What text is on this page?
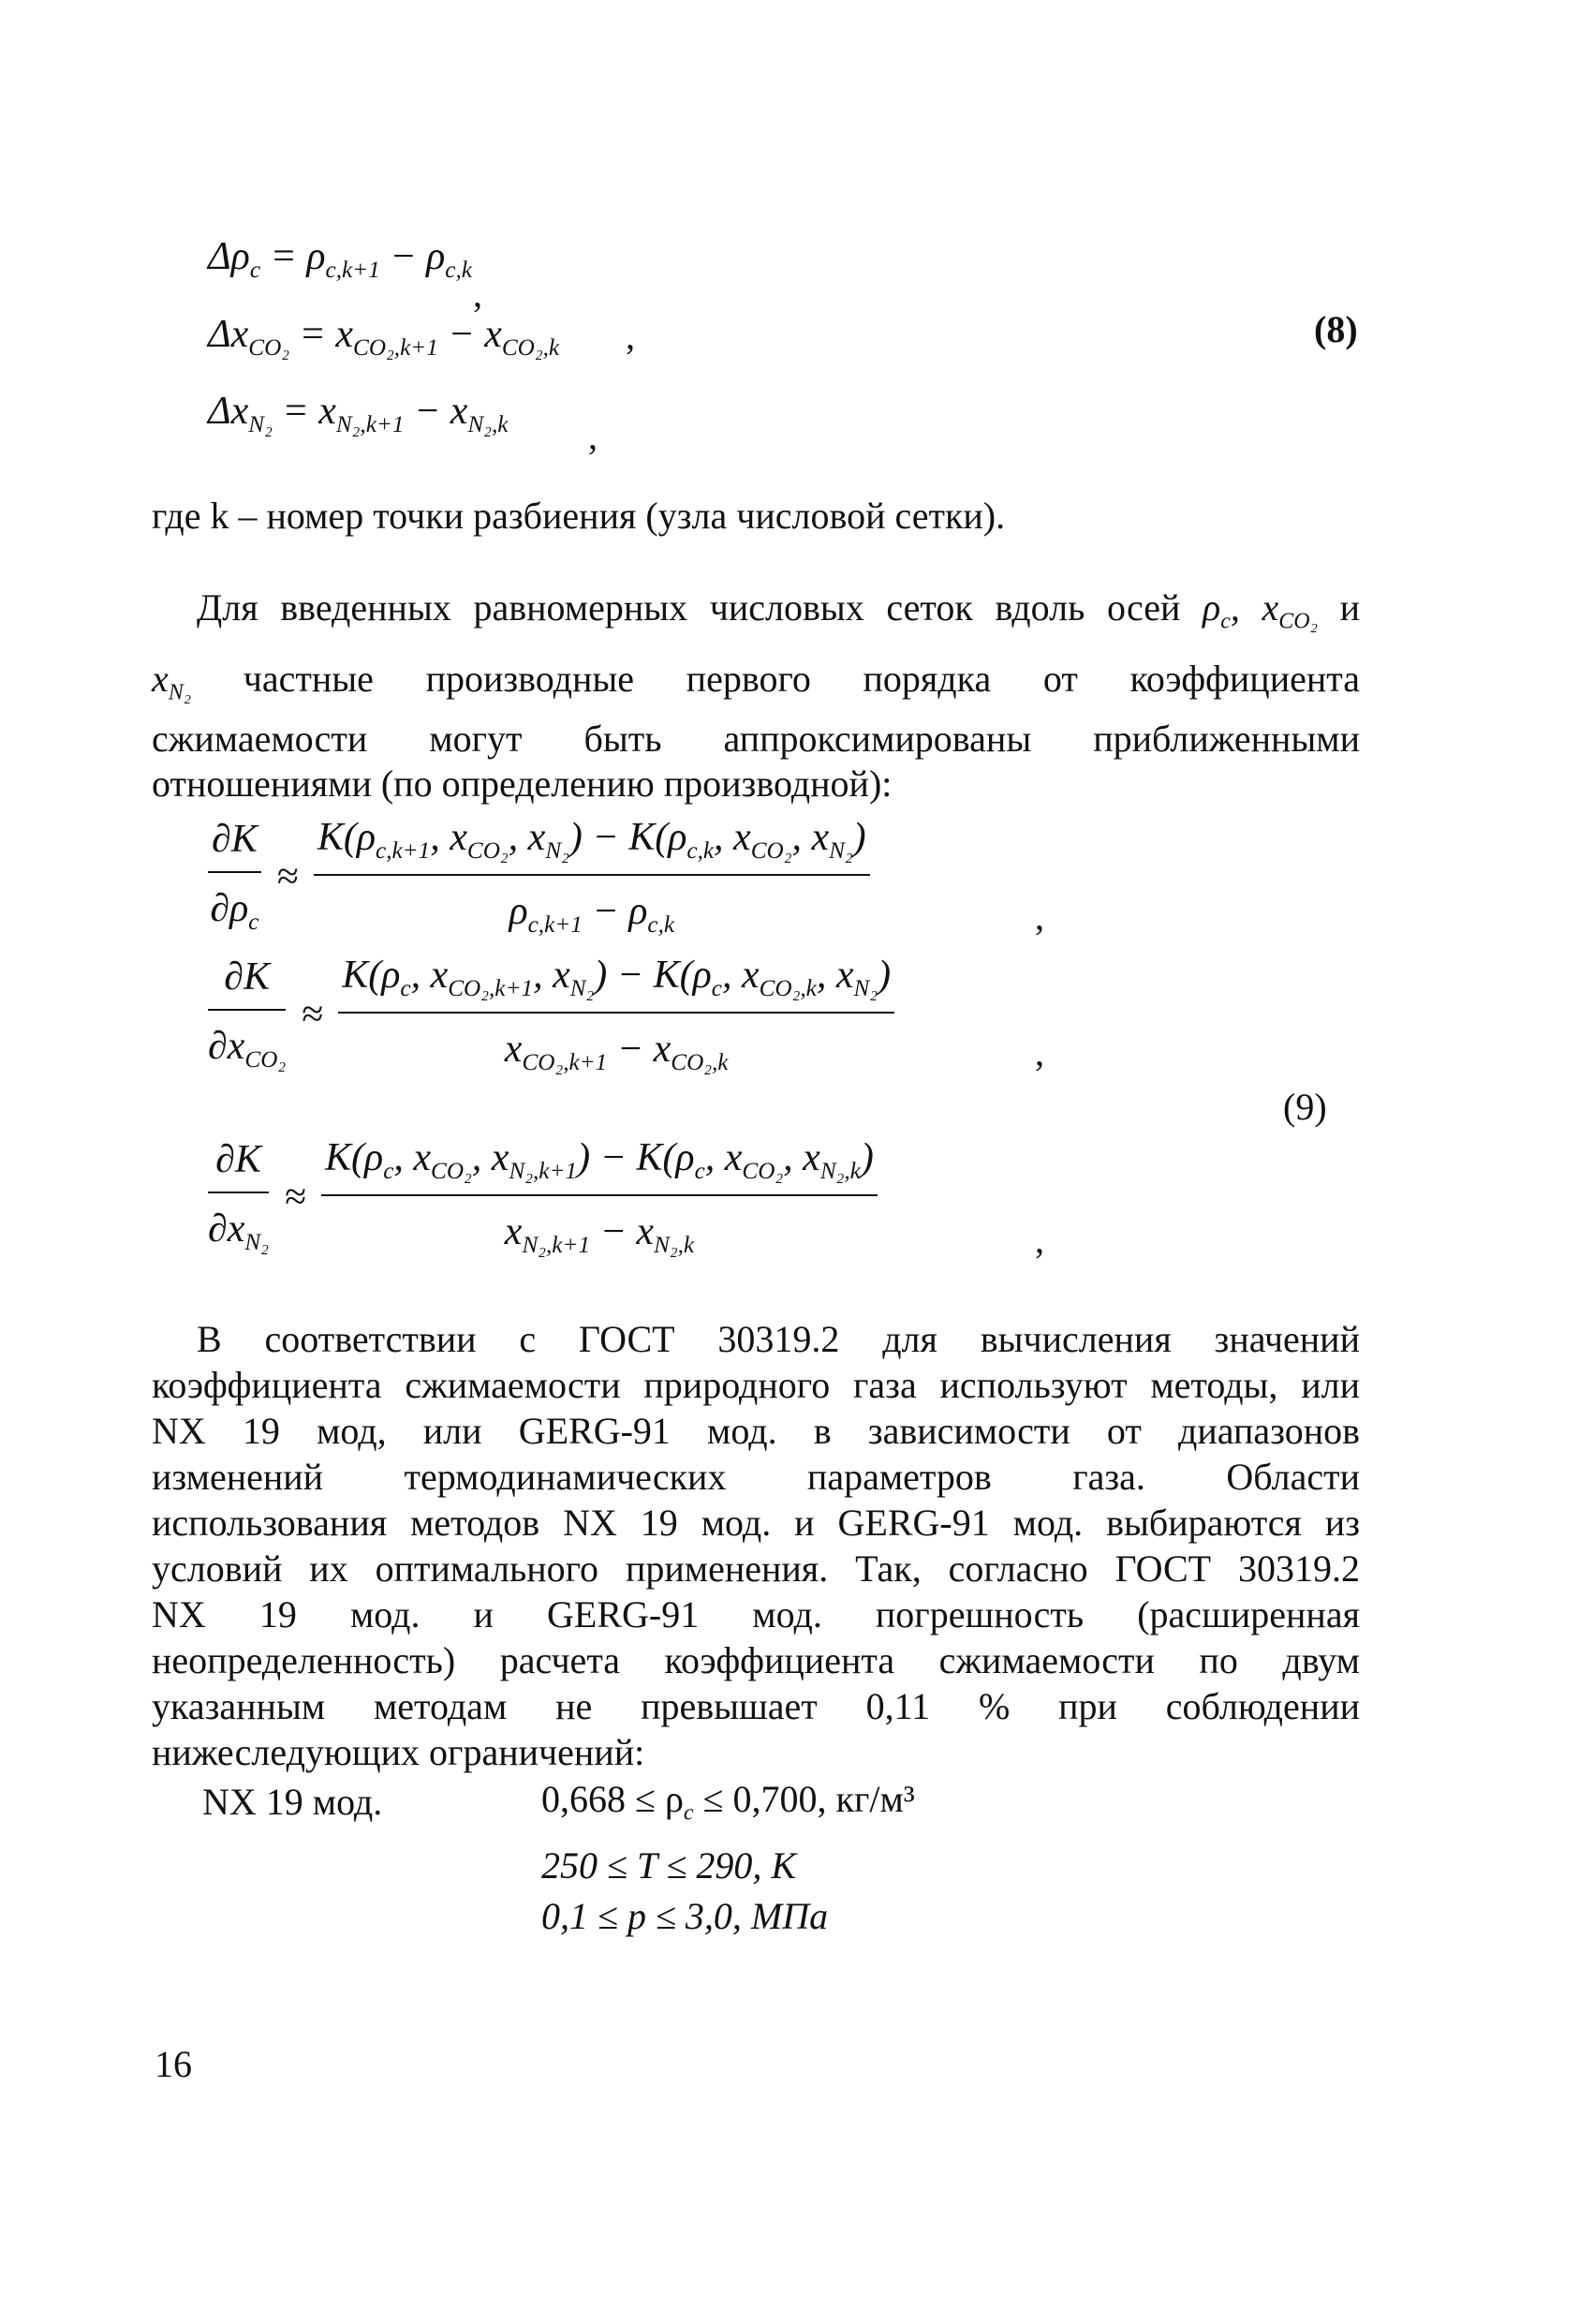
$\Delta\rho_c = \rho_{c,k+1} - \rho_{c,k}$
,
$\Delta x_{CO_2} = x_{CO_2,k+1} - x_{CO_2,k}$ ,
$\Delta x_{N_2} = x_{N_2,k+1} - x_{N_2,k}$ ,
(8)
где k – номер точки разбиения (узла числовой сетки).
Для введенных равномерных числовых сеток вдоль осей $\rho_c$, $x_{CO_2}$ и
$x_{N_2}$ частные производные первого порядка от коэффициента
сжимаемости могут быть аппроксимированы приближенными
отношениями (по определению производной):
$\frac{\partial K}{\partial\rho_c} \approx \frac{K(\rho_{c,k+1}, x_{CO_2}, x_{N_2}) - K(\rho_{c,k}, x_{CO_2}, x_{N_2})}{\rho_{c,k+1} - \rho_{c,k}}$	,
$\frac{\partial K}{\partial x_{CO_2}} \approx \frac{K(\rho_c, x_{CO_2,k+1}, x_{N_2}) - K(\rho_c, x_{CO_2,k}, x_{N_2})}{x_{CO_2,k+1} - x_{CO_2,k}}$	,
(9)
$\frac{\partial K}{\partial x_{N_2}} \approx \frac{K(\rho_c, x_{CO_2}, x_{N_2,k+1}) - K(\rho_c, x_{CO_2}, x_{N_2,k})}{x_{N_2,k+1} - x_{N_2,k}}$	,
В соответствии с ГОСТ 30319.2 для вычисления значений
коэффициента сжимаемости природного газа используют методы, или
NX 19 мод, или GERG-91 мод. в зависимости от диапазонов
изменений термодинамических параметров газа. Области
использования методов NX 19 мод. и GERG-91 мод. выбираются из
условий их оптимального применения. Так, согласно ГОСТ 30319.2
NX 19 мод. и GERG-91 мод. погрешность (расширенная
неопределенность) расчета коэффициента сжимаемости по двум
указанным методам не превышает 0,11 % при соблюдении
нижеследующих ограничений:
NX 19 мод.	$0,668 \le \rho_c \le 0,700$, кг/м³
250 ≤ T ≤ 290, К
0,1 ≤ p ≤ 3,0, МПа
16
